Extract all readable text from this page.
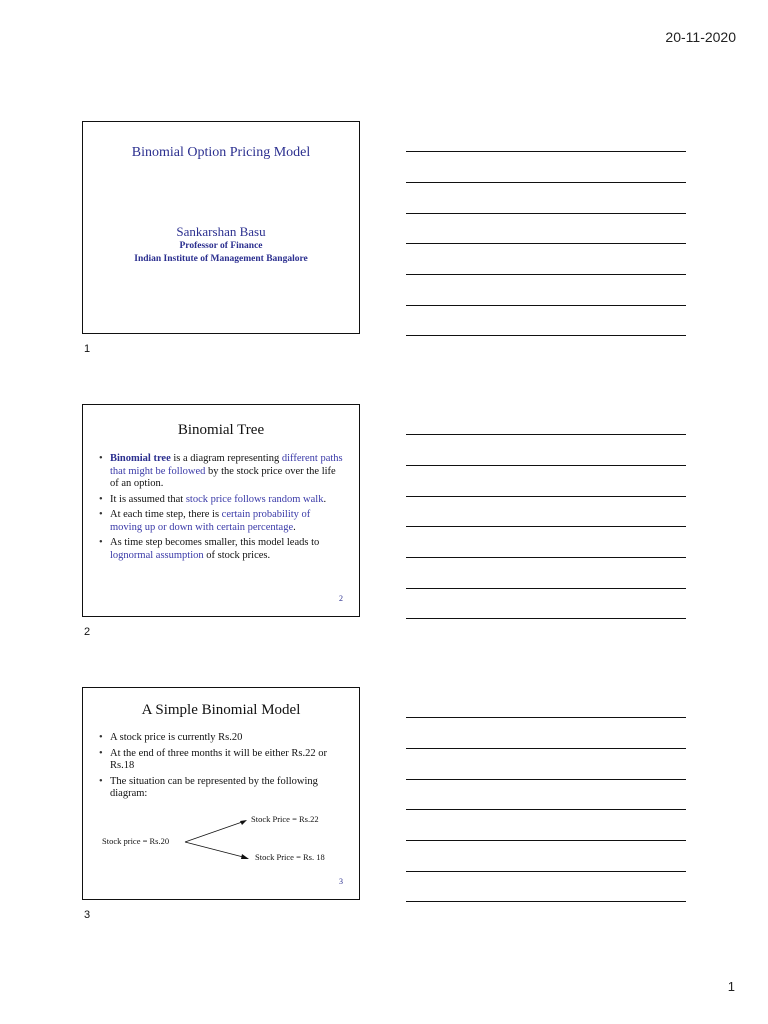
20-11-2020
Binomial Option Pricing Model
Sankarshan Basu
Professor of Finance
Indian Institute of Management Bangalore
1
Binomial Tree
• Binomial tree is a diagram representing different paths that might be followed by the stock price over the life of an option.
• It is assumed that stock price follows random walk.
• At each time step, there is certain probability of moving up or down with certain percentage.
• As time step becomes smaller, this model leads to lognormal assumption of stock prices.
2
2
A Simple Binomial Model
• A stock price is currently Rs.20
• At the end of three months it will be either Rs.22 or Rs.18
• The situation can be represented by the following diagram:
Stock price = Rs.20
Stock Price = Rs.22
Stock Price = Rs. 18
3
3
1
